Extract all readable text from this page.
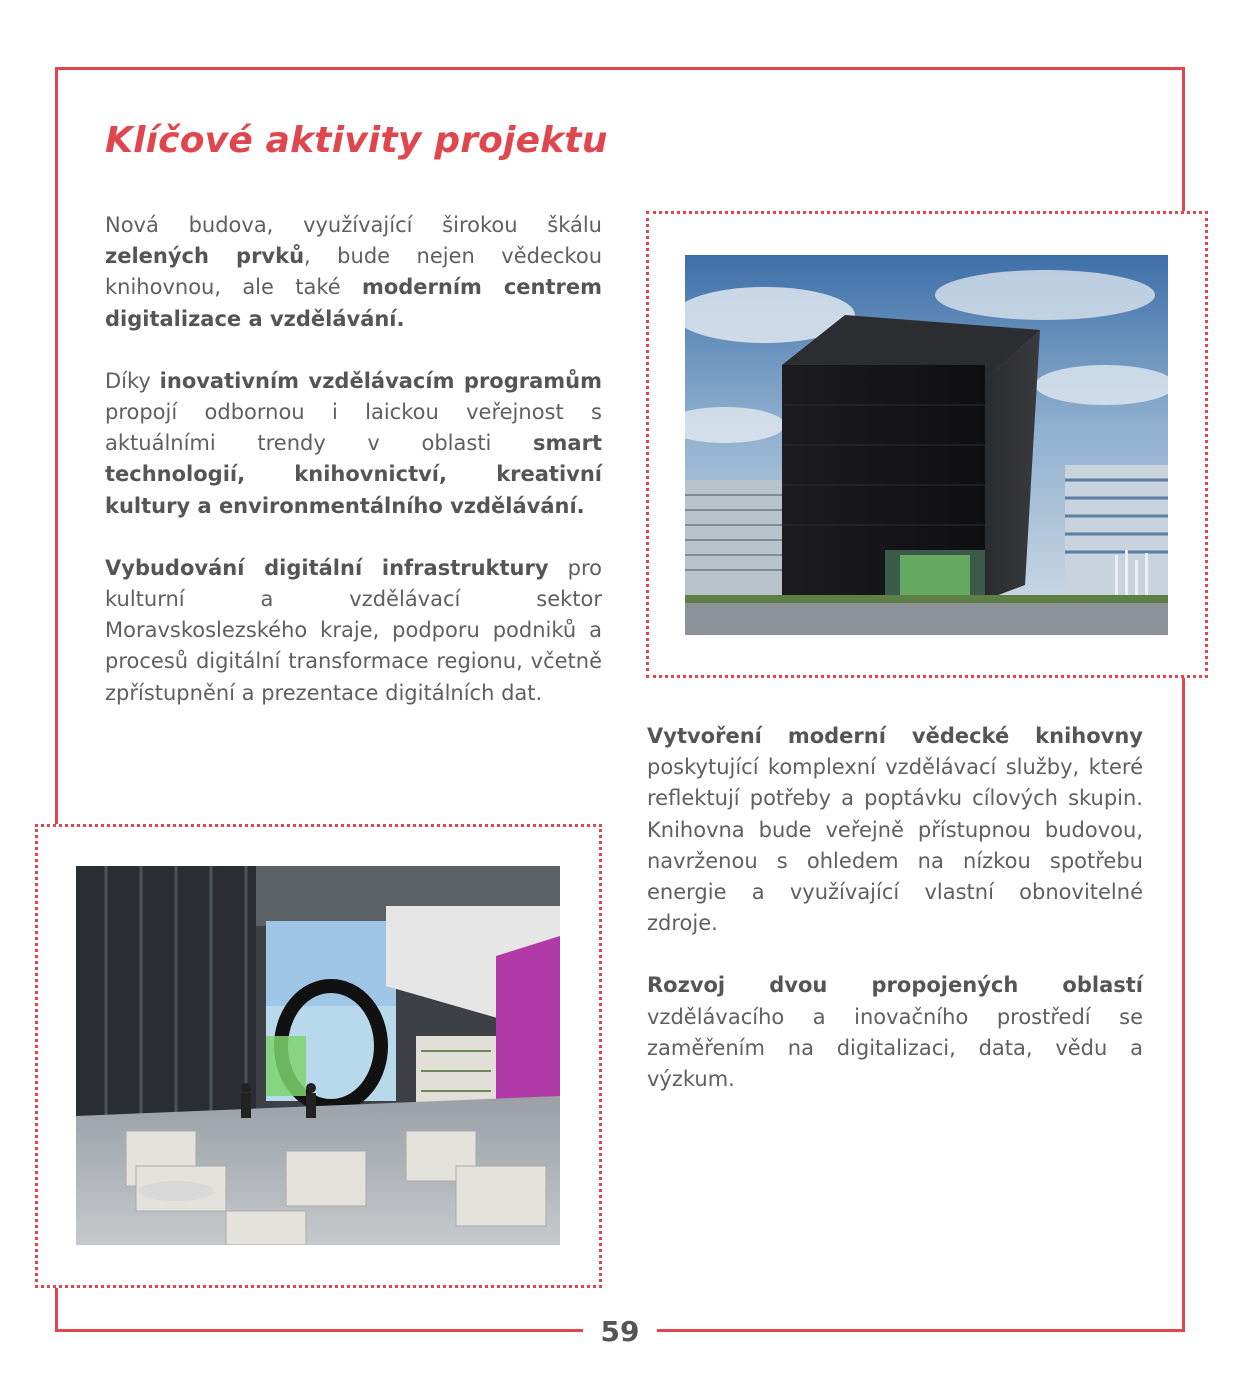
59
Klíčové aktivity projektu

Nová budova, využívající širokou škálu zelených prvků, bude nejen vědeckou knihovnou, ale také moderním centrem digitalizace a vzdělávání.

Díky inovativním vzdělávacím programům propojí odbornou i laickou veřejnost s aktuálními trendy v oblasti smart technologií, knihovnictví, kreativní kultury a environmentálního vzdělávání.

Vybudování digitální infrastruktury pro kulturní a vzdělávací sektor Moravskoslezského kraje, podporu podniků a procesů digitální transformace regionu, včetně zpřístupnění a prezentace digitálních dat.

Vytvoření moderní vědecké knihovny poskytující komplexní vzdělávací služby, které reflektují potřeby a poptávku cílových skupin. Knihovna bude veřejně přístupnou budovou, navrženou s ohledem na nízkou spotřebu energie a využívající vlastní obnovitelné zdroje.

Rozvoj dvou propojených oblastí vzdělávacího a inovačního prostředí se zaměřením na digitalizaci, data, vědu a výzkum.
